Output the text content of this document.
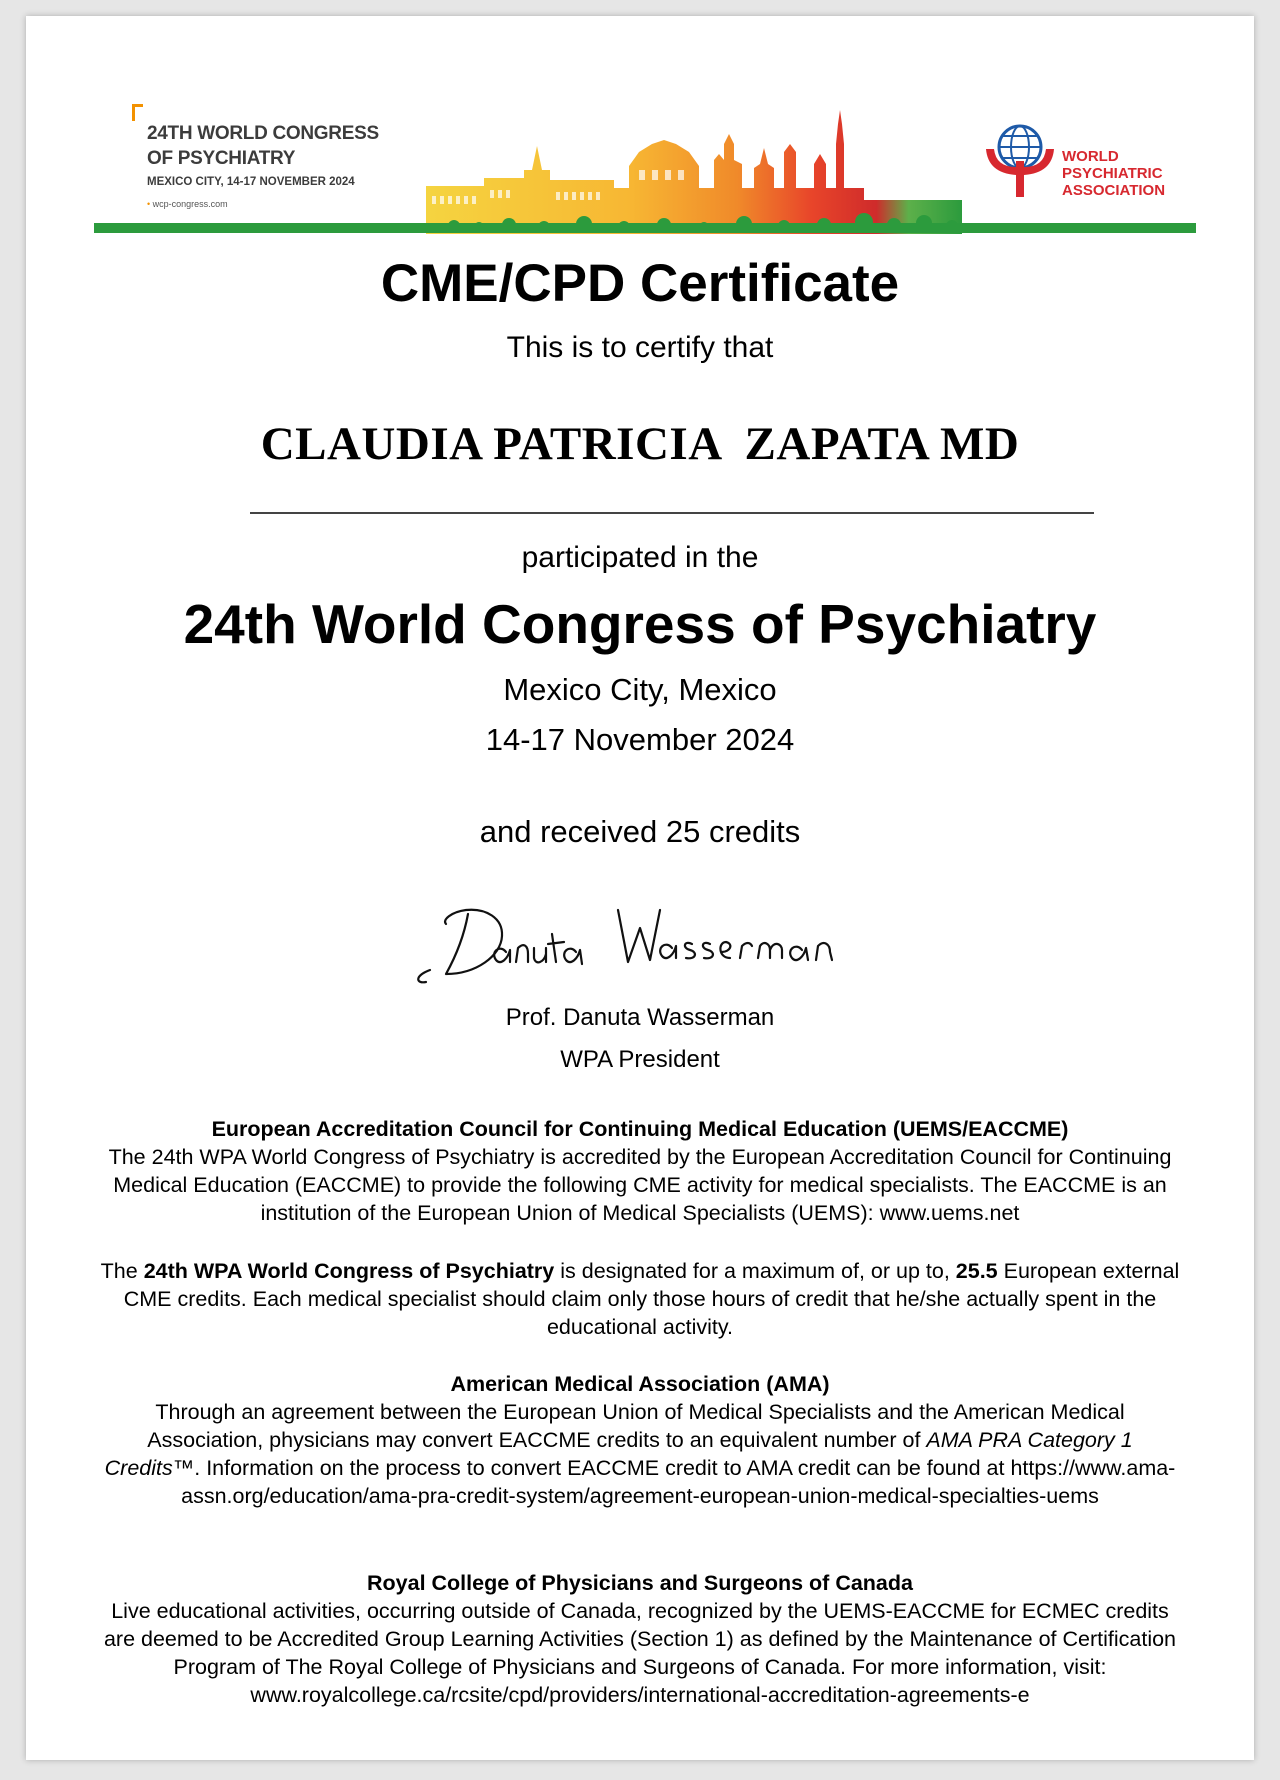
24TH WORLD CONGRESS
OF PSYCHIATRY
MEXICO CITY, 14-17 NOVEMBER 2024
• wcp-congress.com
WORLD
PSYCHIATRIC
ASSOCIATION
CME/CPD Certificate
This is to certify that
CLAUDIA PATRICIA  ZAPATA MD
participated in the
24th World Congress of Psychiatry
Mexico City, Mexico
14-17 November 2024
and received 25 credits
Prof. Danuta Wasserman
WPA President
European Accreditation Council for Continuing Medical Education (UEMS/EACCME)
The 24th WPA World Congress of Psychiatry is accredited by the European Accreditation Council for Continuing Medical Education (EACCME) to provide the following CME activity for medical specialists. The EACCME is an institution of the European Union of Medical Specialists (UEMS): www.uems.net
The 24th WPA World Congress of Psychiatry is designated for a maximum of, or up to, 25.5 European external CME credits. Each medical specialist should claim only those hours of credit that he/she actually spent in the educational activity.
American Medical Association (AMA)
Through an agreement between the European Union of Medical Specialists and the American Medical Association, physicians may convert EACCME credits to an equivalent number of AMA PRA Category 1 Credits™. Information on the process to convert EACCME credit to AMA credit can be found at https://www.ama-assn.org/education/ama-pra-credit-system/agreement-european-union-medical-specialties-uems
Royal College of Physicians and Surgeons of Canada
Live educational activities, occurring outside of Canada, recognized by the UEMS-EACCME for ECMEC credits are deemed to be Accredited Group Learning Activities (Section 1) as defined by the Maintenance of Certification Program of The Royal College of Physicians and Surgeons of Canada. For more information, visit: www.royalcollege.ca/rcsite/cpd/providers/international-accreditation-agreements-e
